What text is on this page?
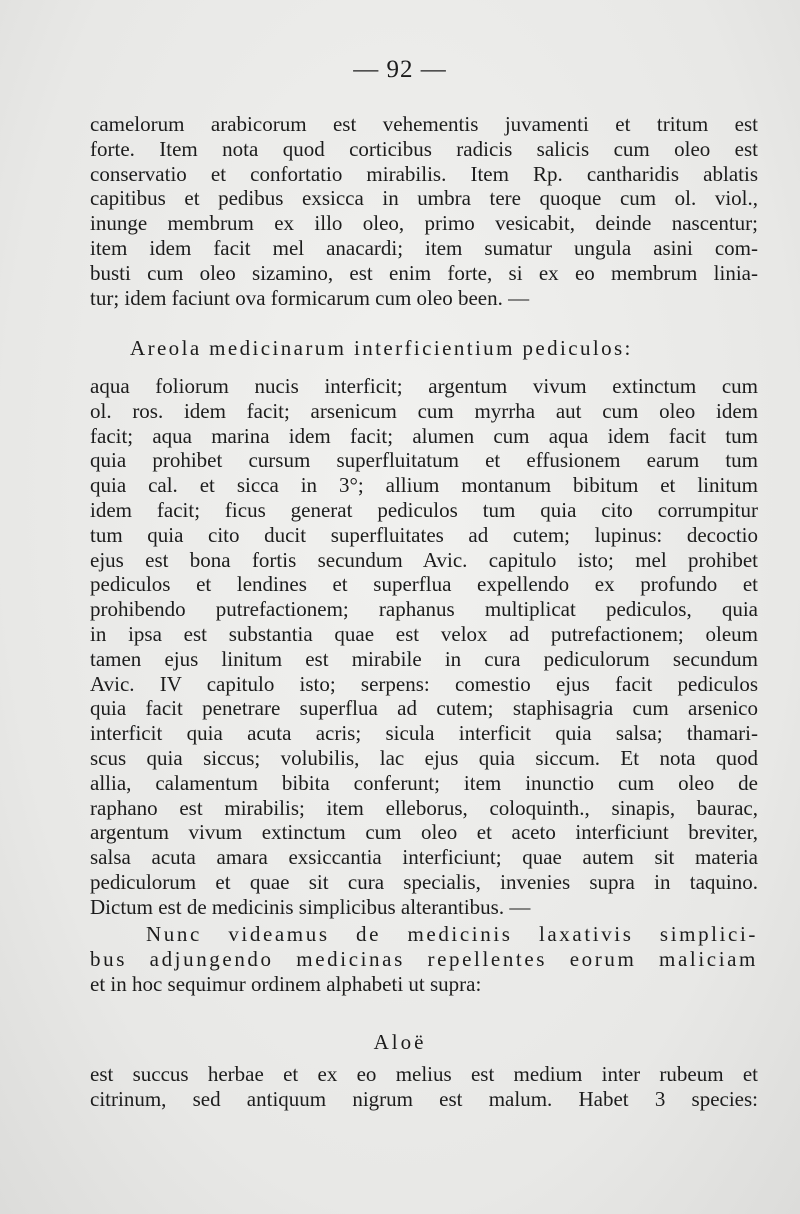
— 92 —
camelorum arabicorum est vehementis juvamenti et tritum est
forte. Item nota quod corticibus radicis salicis cum oleo est
conservatio et confortatio mirabilis. Item Rp. cantharidis ablatis
capitibus et pedibus exsicca in umbra tere quoque cum ol. viol.,
inunge membrum ex illo oleo, primo vesicabit, deinde nascentur;
item idem facit mel anacardi; item sumatur ungula asini com-
busti cum oleo sizamino, est enim forte, si ex eo membrum linia-
tur; idem faciunt ova formicarum cum oleo been. —
Areola medicinarum interficientium pediculos:
aqua foliorum nucis interficit; argentum vivum extinctum cum
ol. ros. idem facit; arsenicum cum myrrha aut cum oleo idem
facit; aqua marina idem facit; alumen cum aqua idem facit tum
quia prohibet cursum superfluitatum et effusionem earum tum
quia cal. et sicca in 3°; allium montanum bibitum et linitum
idem facit; ficus generat pediculos tum quia cito corrumpitur
tum quia cito ducit superfluitates ad cutem; lupinus: decoctio
ejus est bona fortis secundum Avic. capitulo isto; mel prohibet
pediculos et lendines et superflua expellendo ex profundo et
prohibendo putrefactionem; raphanus multiplicat pediculos, quia
in ipsa est substantia quae est velox ad putrefactionem; oleum
tamen ejus linitum est mirabile in cura pediculorum secundum
Avic. IV capitulo isto; serpens: comestio ejus facit pediculos
quia facit penetrare superflua ad cutem; staphisagria cum arsenico
interficit quia acuta acris; sicula interficit quia salsa; thamari-
scus quia siccus; volubilis, lac ejus quia siccum. Et nota quod
allia, calamentum bibita conferunt; item inunctio cum oleo de
raphano est mirabilis; item elleborus, coloquinth., sinapis, baurac,
argentum vivum extinctum cum oleo et aceto interficiunt breviter,
salsa acuta amara exsiccantia interficiunt; quae autem sit materia
pediculorum et quae sit cura specialis, invenies supra in taquino.
Dictum est de medicinis simplicibus alterantibus. —
Nunc videamus de medicinis laxativis simplici-
bus adjungendo medicinas repellentes eorum maliciam
et in hoc sequimur ordinem alphabeti ut supra:
Aloë
est succus herbae et ex eo melius est medium inter rubeum et
citrinum, sed antiquum nigrum est malum. Habet 3 species:
